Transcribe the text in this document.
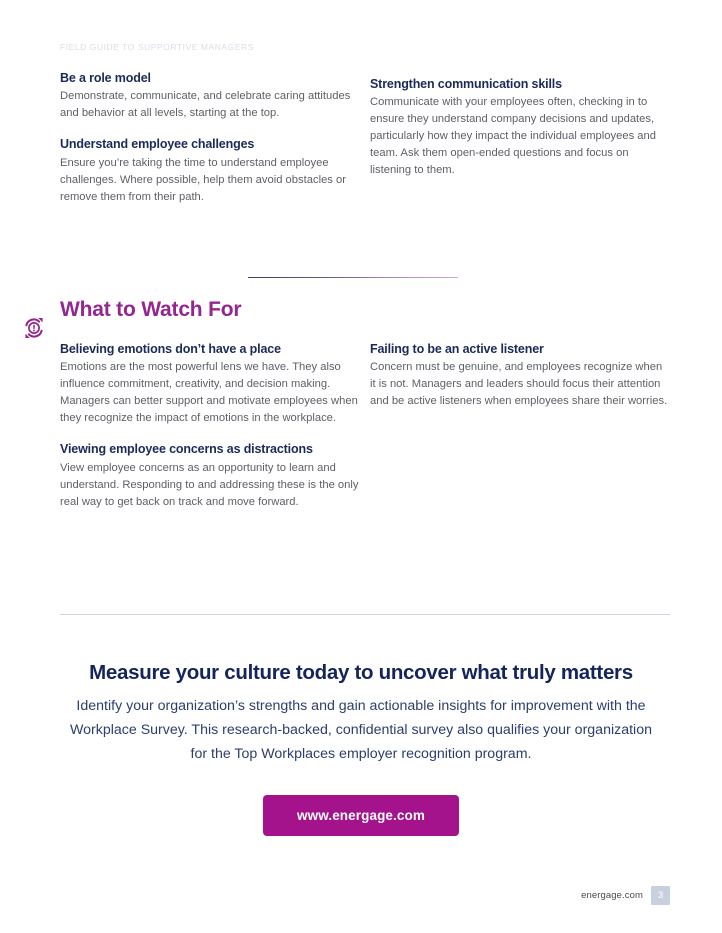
FIELD GUIDE TO SUPPORTIVE MANAGERS

Be a role model

Demonstrate, communicate, and celebrate caring attitudes and behavior at all levels, starting at the top.

Understand employee challenges

Ensure you’re taking the time to understand employee challenges. Where possible, help them avoid obstacles or remove them from their path.

Strengthen communication skills

Communicate with your employees often, checking in to ensure they understand company decisions and updates, particularly how they impact the individual employees and team. Ask them open-ended questions and focus on listening to them.

What to Watch For

Believing emotions don’t have a place

Emotions are the most powerful lens we have. They also influence commitment, creativity, and decision making. Managers can better support and motivate employees when they recognize the impact of emotions in the workplace.

Viewing employee concerns as distractions

View employee concerns as an opportunity to learn and understand. Responding to and addressing these is the only real way to get back on track and move forward.

Failing to be an active listener

Concern must be genuine, and employees recognize when it is not. Managers and leaders should focus their attention and be active listeners when employees share their worries.

Measure your culture today to uncover what truly matters

Identify your organization’s strengths and gain actionable insights for improvement with the Workplace Survey. This research-backed, confidential survey also qualifies your organization for the Top Workplaces employer recognition program.

www.energage.com
energage.com	3
